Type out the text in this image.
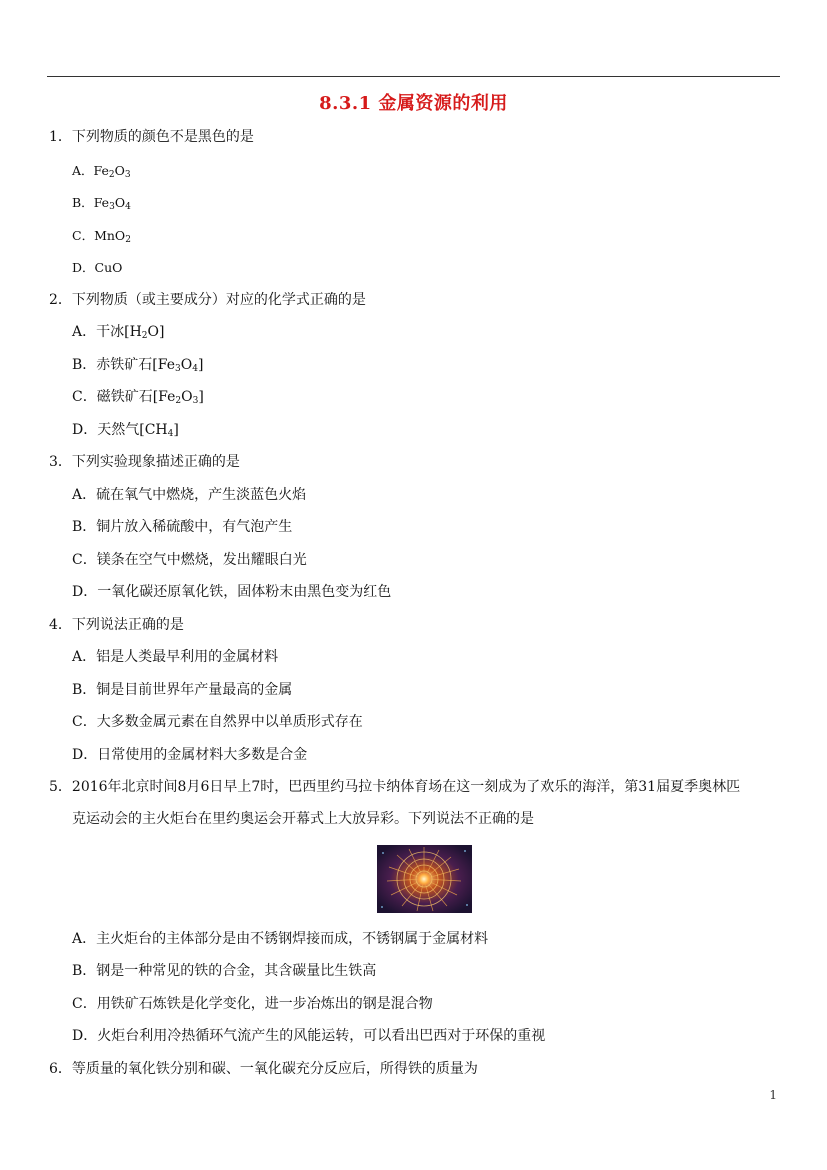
8.3.1 金属资源的利用
1．下列物质的颜色不是黑色的是
A．$Fe_2O_3$
B．$Fe_3O_4$
C．MnO$_2$
D．CuO
2．下列物质（或主要成分）对应的化学式正确的是
A．干冰$[H_2O]$
B．赤铁矿石$[Fe_3O_4]$
C．磁铁矿石$[Fe_2O_3]$
D．天然气$[CH_4]$
3．下列实验现象描述正确的是
A．硫在氧气中燃烧，产生淡蓝色火焰
B．铜片放入稀硫酸中，有气泡产生
C．镁条在空气中燃烧，发出耀眼白光
D．一氧化碳还原氧化铁，固体粉末由黑色变为红色
4．下列说法正确的是
A．铝是人类最早利用的金属材料
B．铜是目前世界年产量最高的金属
C．大多数金属元素在自然界中以单质形式存在
D．日常使用的金属材料大多数是合金
5．2016年北京时间8月6日早上7时，巴西里约马拉卡纳体育场在这一刻成为了欢乐的海洋，第31届夏季奥林匹
克运动会的主火炬台在里约奥运会开幕式上大放异彩。下列说法不正确的是
A．主火炬台的主体部分是由不锈钢焊接而成，不锈钢属于金属材料
B．钢是一种常见的铁的合金，其含碳量比生铁高
C．用铁矿石炼铁是化学变化，进一步冶炼出的钢是混合物
D．火炬台利用冷热循环气流产生的风能运转，可以看出巴西对于环保的重视
6．等质量的氧化铁分别和碳、一氧化碳充分反应后，所得铁的质量为
1
